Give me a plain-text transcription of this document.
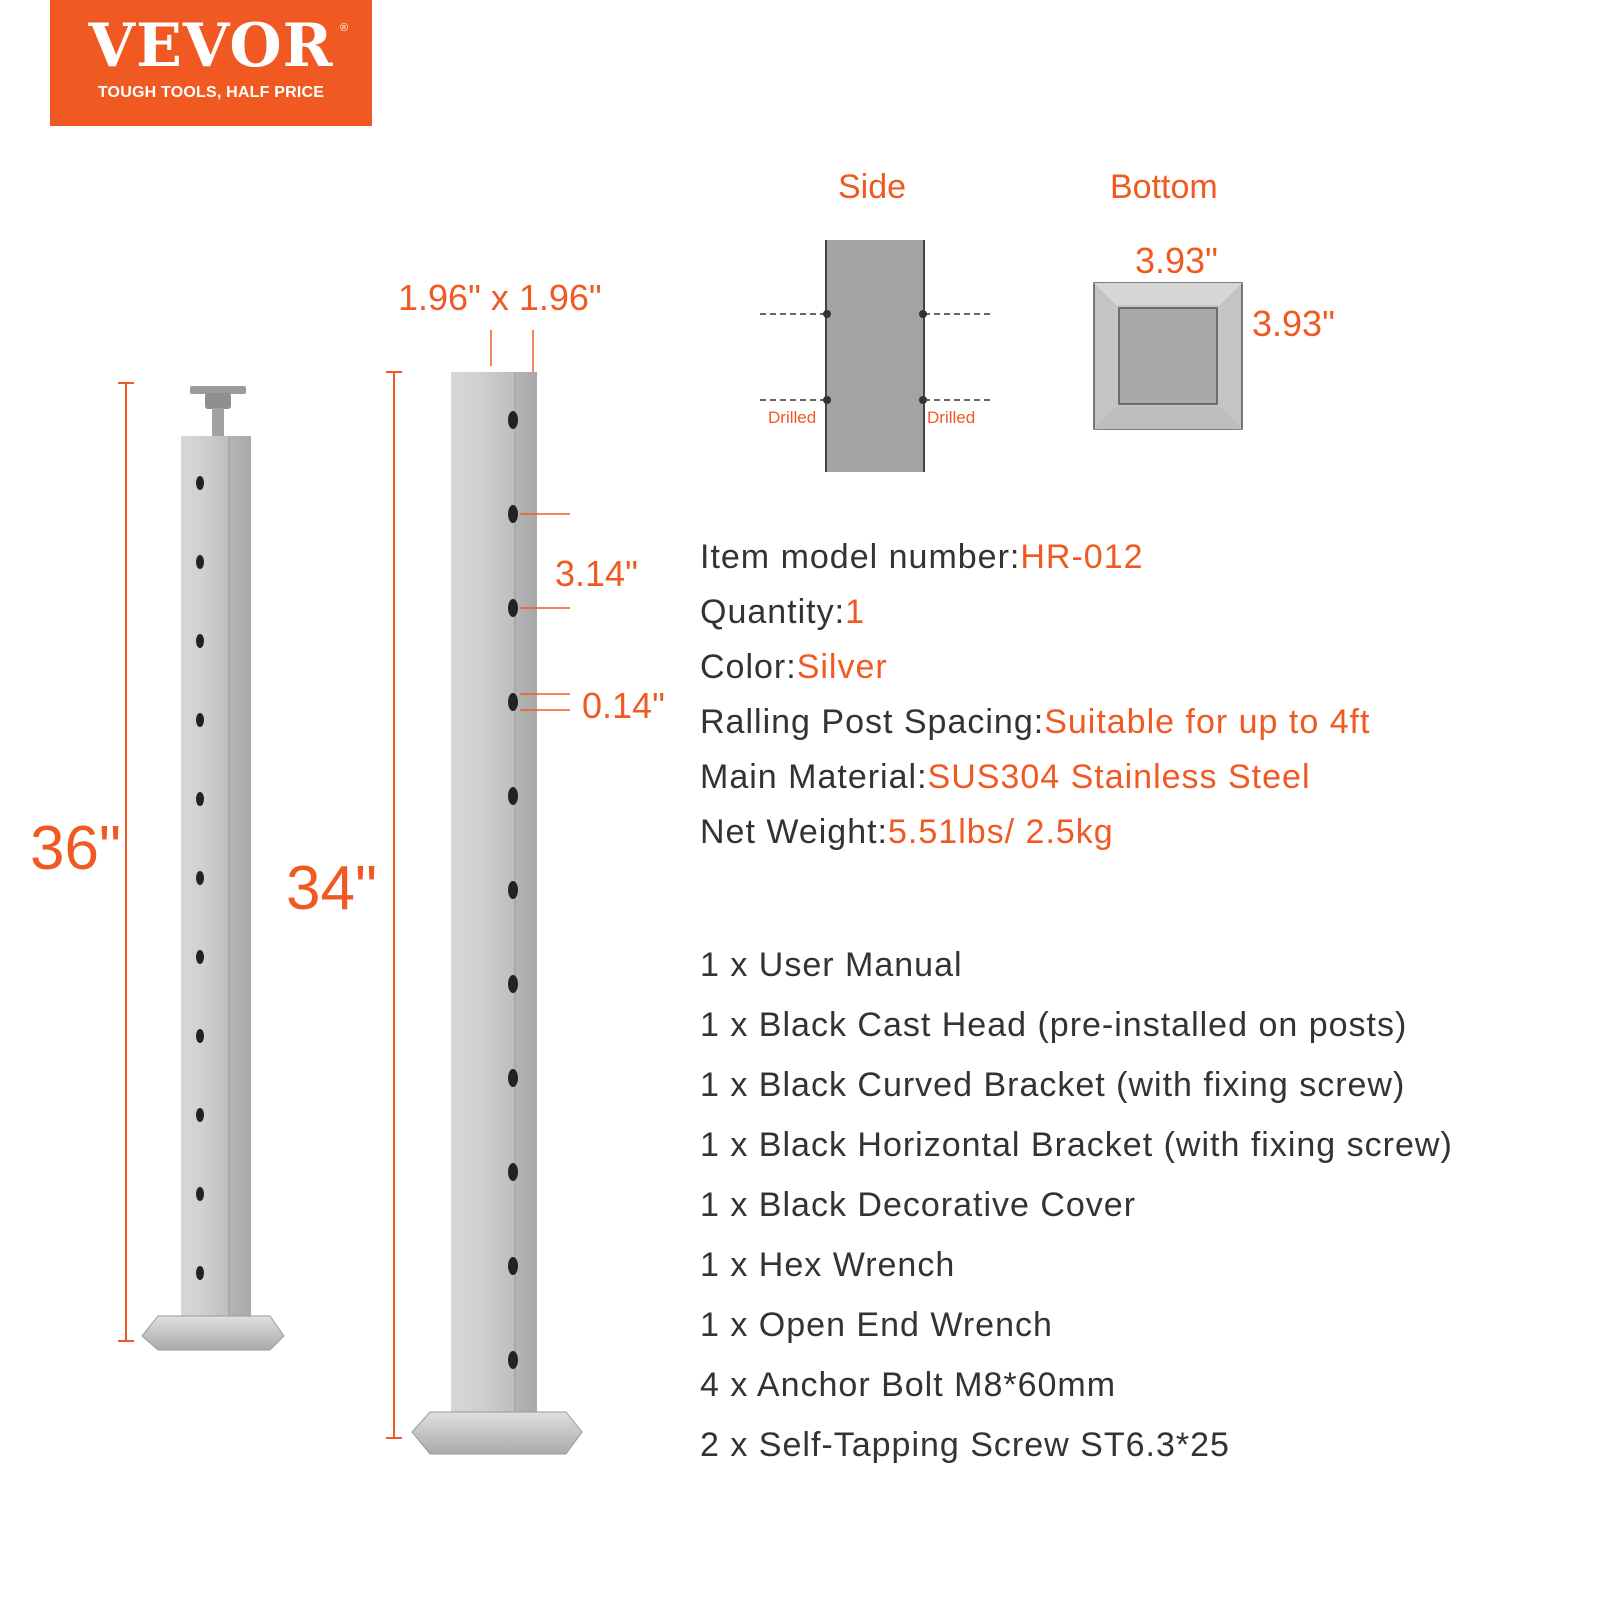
VEVOR ®
TOUGH TOOLS, HALF PRICE
1.96" x 1.96"
36"
34"
3.14"
0.14"
3.93"
3.93"
Side	Bottom
Drilled	Drilled
Item model number:HR-012
Quantity:1
Color:Silver
Ralling Post Spacing:Suitable for up to 4ft
Main Material:SUS304 Stainless Steel
Net Weight:5.51lbs/ 2.5kg
1 x User Manual
1 x Black Cast Head (pre-installed on posts)
1 x Black Curved Bracket (with fixing screw)
1 x Black Horizontal Bracket (with fixing screw)
1 x Black Decorative Cover
1 x Hex Wrench
1 x Open End Wrench
4 x Anchor Bolt M8*60mm
2 x Self-Tapping Screw ST6.3*25
